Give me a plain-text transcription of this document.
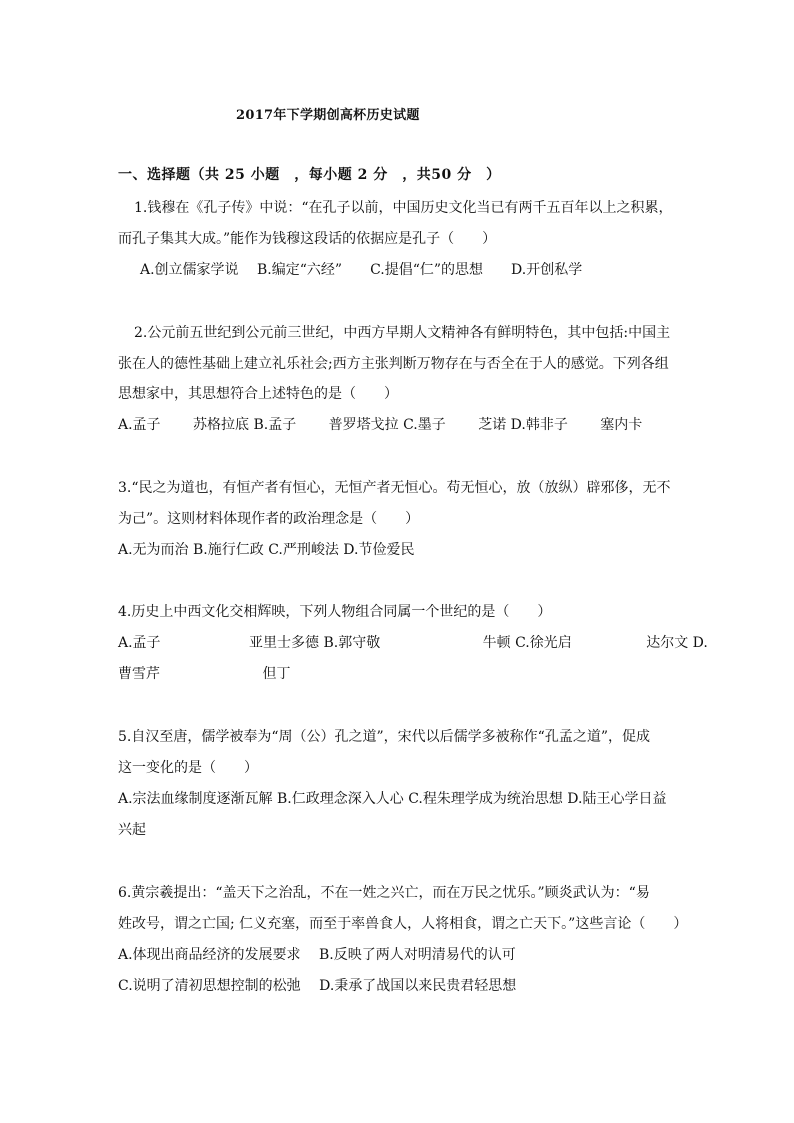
2017年下学期创高杯历史试题
一、选择题（共 25 小题　，每小题 2 分　，共50 分　）
1.钱穆在《孔子传》中说：“在孔子以前，中国历史文化当已有两千五百年以上之积累，
而孔子集其大成。”能作为钱穆这段话的依据应是孔子（　　）
A.创立儒家学说　 B.编定“六经”　　C.提倡“仁”的思想　　D.开创私学
2.公元前五世纪到公元前三世纪，中西方早期人文精神各有鲜明特色，其中包括:中国主
张在人的德性基础上建立礼乐社会;西方主张判断万物存在与否全在于人的感觉。下列各组
思想家中，其思想符合上述特色的是（　　）
A.孟子　　 苏格拉底 B.孟子　　 普罗塔戈拉 C.墨子　　 芝诺 D.韩非子　　 塞内卡
3.“民之为道也，有恒产者有恒心，无恒产者无恒心。苟无恒心，放（放纵）辟邪侈，无不
为己”。这则材料体现作者的政治理念是（　　）
A.无为而治 B.施行仁政 C.严刑峻法 D.节俭爱民
4.历史上中西文化交相辉映，下列人物组合同属一个世纪的是（　　）
A.孟子　　　　　　 亚里士多德 B.郭守敬　　　　　　　 牛顿 C.徐光启　　　　　 达尔文 D.
曹雪芹　　　　　　　 但丁
5.自汉至唐，儒学被奉为“周（公）孔之道”，宋代以后儒学多被称作“孔孟之道”，促成
这一变化的是（　　）
A.宗法血缘制度逐渐瓦解 B.仁政理念深入人心 C.程朱理学成为统治思想 D.陆王心学日益
兴起
6.黄宗羲提出：“盖天下之治乱，不在一姓之兴亡，而在万民之忧乐。”顾炎武认为：“易
姓改号，谓之亡国; 仁义充塞，而至于率兽食人，人将相食，谓之亡天下。”这些言论（　　）
A.体现出商品经济的发展要求　 B.反映了两人对明清易代的认可
C.说明了清初思想控制的松弛　 D.秉承了战国以来民贵君轻思想
